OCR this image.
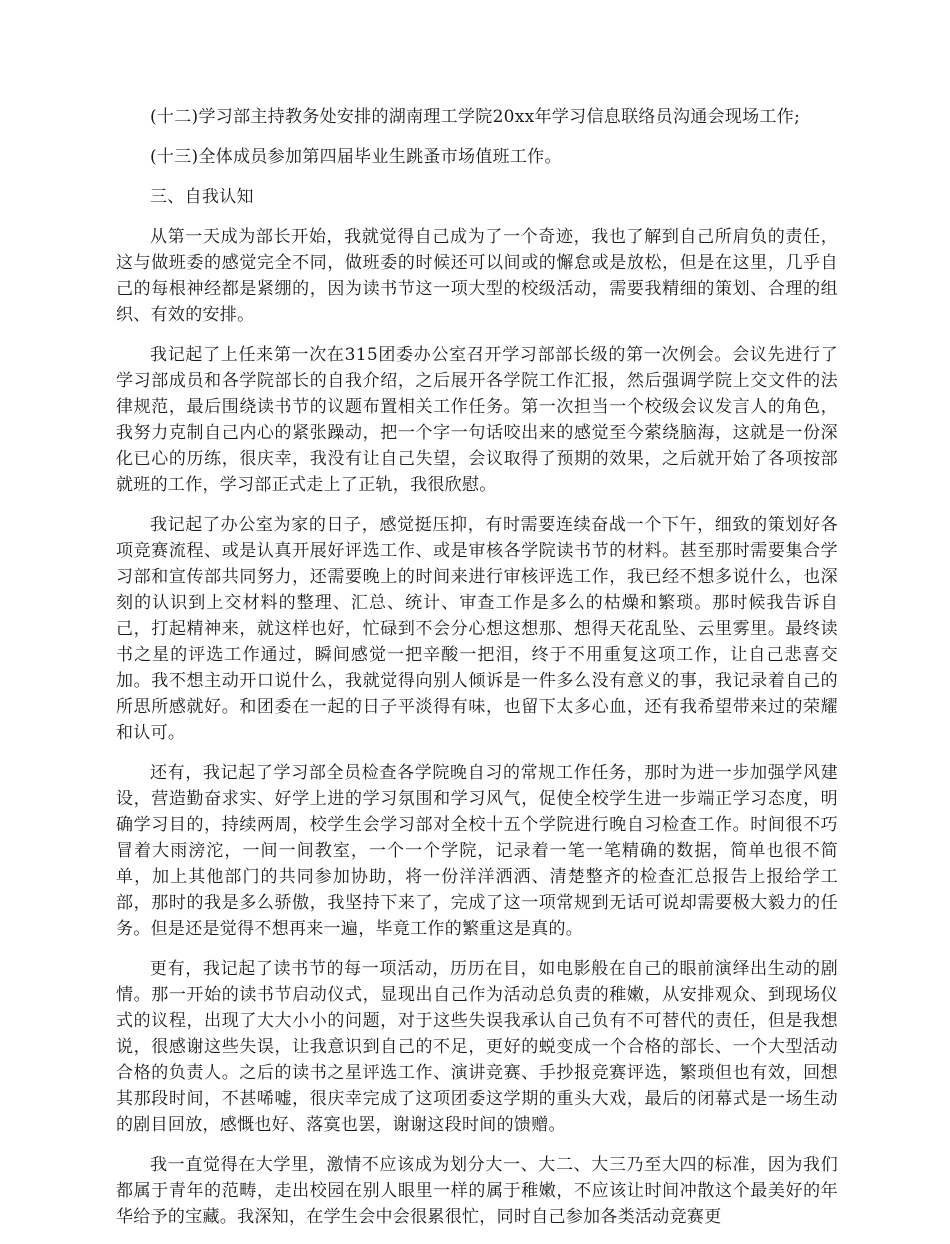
(十二)学习部主持教务处安排的湖南理工学院20xx年学习信息联络员沟通会现场工作;

(十三)全体成员参加第四届毕业生跳蚤市场值班工作。

三、自我认知

从第一天成为部长开始，我就觉得自己成为了一个奇迹，我也了解到自己所肩负的责任，这与做班委的感觉完全不同，做班委的时候还可以间或的懈怠或是放松，但是在这里，几乎自己的每根神经都是紧绷的，因为读书节这一项大型的校级活动，需要我精细的策划、合理的组织、有效的安排。

我记起了上任来第一次在315团委办公室召开学习部部长级的第一次例会。会议先进行了学习部成员和各学院部长的自我介绍，之后展开各学院工作汇报，然后强调学院上交文件的法律规范，最后围绕读书节的议题布置相关工作任务。第一次担当一个校级会议发言人的角色，我努力克制自己内心的紧张躁动，把一个字一句话咬出来的感觉至今萦绕脑海，这就是一份深化已心的历练，很庆幸，我没有让自己失望，会议取得了预期的效果，之后就开始了各项按部就班的工作，学习部正式走上了正轨，我很欣慰。

我记起了办公室为家的日子，感觉挺压抑，有时需要连续奋战一个下午，细致的策划好各项竞赛流程、或是认真开展好评选工作、或是审核各学院读书节的材料。甚至那时需要集合学习部和宣传部共同努力，还需要晚上的时间来进行审核评选工作，我已经不想多说什么，也深刻的认识到上交材料的整理、汇总、统计、审查工作是多么的枯燥和繁琐。那时候我告诉自己，打起精神来，就这样也好，忙碌到不会分心想这想那、想得天花乱坠、云里雾里。最终读书之星的评选工作通过，瞬间感觉一把辛酸一把泪，终于不用重复这项工作，让自己悲喜交加。我不想主动开口说什么，我就觉得向别人倾诉是一件多么没有意义的事，我记录着自己的所思所感就好。和团委在一起的日子平淡得有味，也留下太多心血，还有我希望带来过的荣耀和认可。

还有，我记起了学习部全员检查各学院晚自习的常规工作任务，那时为进一步加强学风建设，营造勤奋求实、好学上进的学习氛围和学习风气，促使全校学生进一步端正学习态度，明确学习目的，持续两周，校学生会学习部对全校十五个学院进行晚自习检查工作。时间很不巧冒着大雨滂沱，一间一间教室，一个一个学院，记录着一笔一笔精确的数据，简单也很不简单，加上其他部门的共同参加协助，将一份洋洋洒洒、清楚整齐的检查汇总报告上报给学工部，那时的我是多么骄傲，我坚持下来了，完成了这一项常规到无话可说却需要极大毅力的任务。但是还是觉得不想再来一遍，毕竟工作的繁重这是真的。

更有，我记起了读书节的每一项活动，历历在目，如电影般在自己的眼前演绎出生动的剧情。那一开始的读书节启动仪式，显现出自己作为活动总负责的稚嫩，从安排观众、到现场仪式的议程，出现了大大小小的问题，对于这些失误我承认自己负有不可替代的责任，但是我想说，很感谢这些失误，让我意识到自己的不足，更好的蜕变成一个合格的部长、一个大型活动合格的负责人。之后的读书之星评选工作、演讲竞赛、手抄报竞赛评选，繁琐但也有效，回想其那段时间，不甚唏嘘，很庆幸完成了这项团委这学期的重头大戏，最后的闭幕式是一场生动的剧目回放，感慨也好、落寞也罢，谢谢这段时间的馈赠。

我一直觉得在大学里，激情不应该成为划分大一、大二、大三乃至大四的标准，因为我们都属于青年的范畴，走出校园在别人眼里一样的属于稚嫩，不应该让时间冲散这个最美好的年华给予的宝藏。我深知，在学生会中会很累很忙，同时自己参加各类活动竞赛更
